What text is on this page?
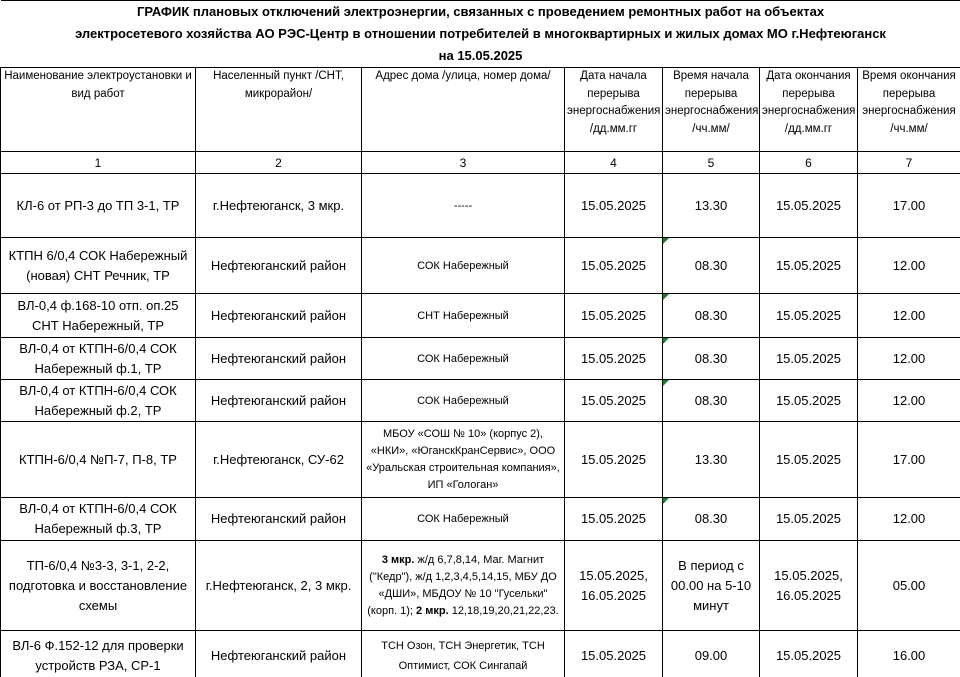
ГРАФИК плановых отключений электроэнергии, связанных с проведением ремонтных работ на объектах						
электросетевого хозяйства АО РЭС-Центр в отношении потребителей в многоквартирных и жилых домах МО г.Нефтеюганск						
на 15.05.2025						
Наименование электроустановки и вид работ	Населенный пункт /СНТ, микрорайон/	Адрес дома /улица, номер дома/	Дата начала перерыва энергоснабжения /дд.мм.гг	Время начала перерыва энергоснабжения /чч.мм/	Дата окончания перерыва энергоснабжения /дд.мм.гг	Время окончания перерыва энергоснабжения /чч.мм/
1	2	3	4	5	6	7
КЛ-6 от РП-3 до ТП 3-1, ТР	г.Нефтеюганск, 3 мкр.	-----	15.05.2025	13.30	15.05.2025	17.00
КТПН 6/0,4 СОК Набережный (новая) СНТ Речник, ТР	Нефтеюганский район	СОК Набережный	15.05.2025	08.30	15.05.2025	12.00
ВЛ-0,4 ф.168-10 отп. оп.25 СНТ Набережный, ТР	Нефтеюганский район	СНТ Набережный	15.05.2025	08.30	15.05.2025	12.00
ВЛ-0,4 от КТПН-6/0,4 СОК Набережный ф.1, ТР	Нефтеюганский район	СОК Набережный	15.05.2025	08.30	15.05.2025	12.00
ВЛ-0,4 от КТПН-6/0,4 СОК Набережный ф.2, ТР	Нефтеюганский район	СОК Набережный	15.05.2025	08.30	15.05.2025	12.00
КТПН-6/0,4 №П-7, П-8, ТР	г.Нефтеюганск, СУ-62	МБОУ «СОШ № 10» (корпус 2), «НКИ», «ЮганскКранСервис», ООО «Уральская строительная компания», ИП «Гологан»	15.05.2025	13.30	15.05.2025	17.00
ВЛ-0,4 от КТПН-6/0,4 СОК Набережный ф.3, ТР	Нефтеюганский район	СОК Набережный	15.05.2025	08.30	15.05.2025	12.00
ТП-6/0,4 №3-3, 3-1, 2-2, подготовка и восстановление схемы	г.Нефтеюганск, 2, 3 мкр.	3 мкр. ж/д 6,7,8,14, Маг. Магнит ("Кедр"), ж/д 1,2,3,4,5,14,15, МБУ ДО «ДШИ», МБДОУ № 10 "Гусельки" (корп. 1); 2 мкр. 12,18,19,20,21,22,23.	15.05.2025, 16.05.2025	В период с 00.00 на 5-10 минут	15.05.2025, 16.05.2025	05.00
ВЛ-6 Ф.152-12 для проверки устройств РЗА, СР-1	Нефтеюганский район	ТСН Озон, ТСН Энергетик, ТСН Оптимист, СОК Сингапай	15.05.2025	09.00	15.05.2025	16.00
